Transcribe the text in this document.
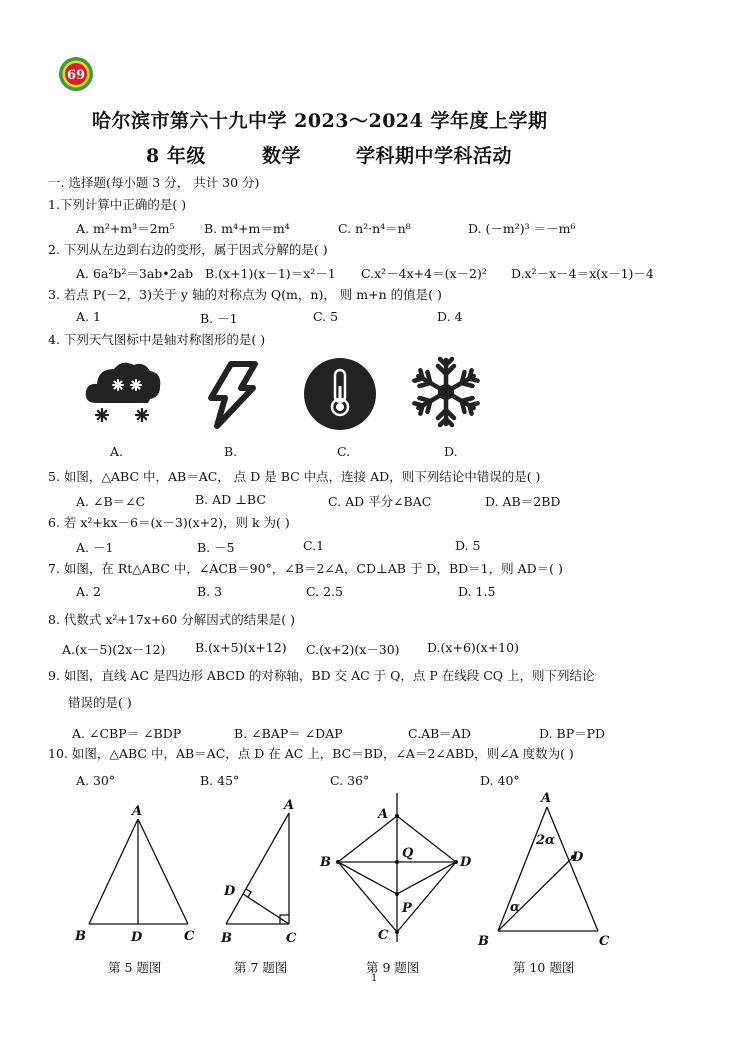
69
哈尔滨市第六十九中学 2023～2024 学年度上学期
8 年级	数学	学科期中学科活动
一. 选择题(每小题 3 分， 共计 30 分)
1.下列计算中正确的是( )
A. m²+m³＝2m⁵ B. m⁴+m＝m⁴	C. n²·n⁴＝n⁸	D. (－m²)³ ＝－m⁶
2. 下列从左边到右边的变形，属于因式分解的是( )
A. 6a²b²＝3ab•2ab B.(x+1)(x－1)＝x²－1 C.x²－4x+4＝(x－2)² D.x²－x－4＝x(x－1)－4
3. 若点 P(－2，3)关于 y 轴的对称点为 Q(m，n)， 则 m+n 的值是( )
A. 1	B. －1	C. 5	D. 4
4. 下列天气图标中是轴对称图形的是( )
A.	B.	C.	D.
5. 如图，△ABC 中，AB＝AC， 点 D 是 BC 中点，连接 AD，则下列结论中错误的是( )
A. ∠B＝∠C	B. AD ⊥BC	C. AD 平分∠BAC	D. AB＝2BD
6. 若 x²+kx－6＝(x－3)(x+2)，则 k 为( )
A. －1	B. －5	C.1	D. 5
7. 如图，在 Rt△ABC 中，∠ACB＝90°，∠B＝2∠A，CD⊥AB 于 D，BD＝1，则 AD＝( )
A. 2	B. 3	C. 2.5	D. 1.5
8. 代数式 x²+17x+60 分解因式的结果是( )
A.(x－5)(2x－12) B.(x+5)(x+12) C.(x+2)(x－30) D.(x+6)(x+10)
9. 如图，直线 AC 是四边形 ABCD 的对称轴，BD 交 AC 于 Q，点 P 在线段 CQ 上，则下列结论
错误的是( )
A. ∠CBP＝ ∠BDP	B. ∠BAP＝ ∠DAP	C.AB＝AD	D. BP＝PD
10. 如图，△ABC 中，AB＝AC，点 D 在 AC 上，BC＝BD，∠A＝2∠ABD，则∠A 度数为( )
A. 30°	B. 45°	C. 36°	D. 40°
A
B	D	C
A
D
B	C
A
B
Q
D
P
C
A
2α
D
α
B	C
第 5 题图	第 7 题图	第 9 题图	第 10 题图
1
